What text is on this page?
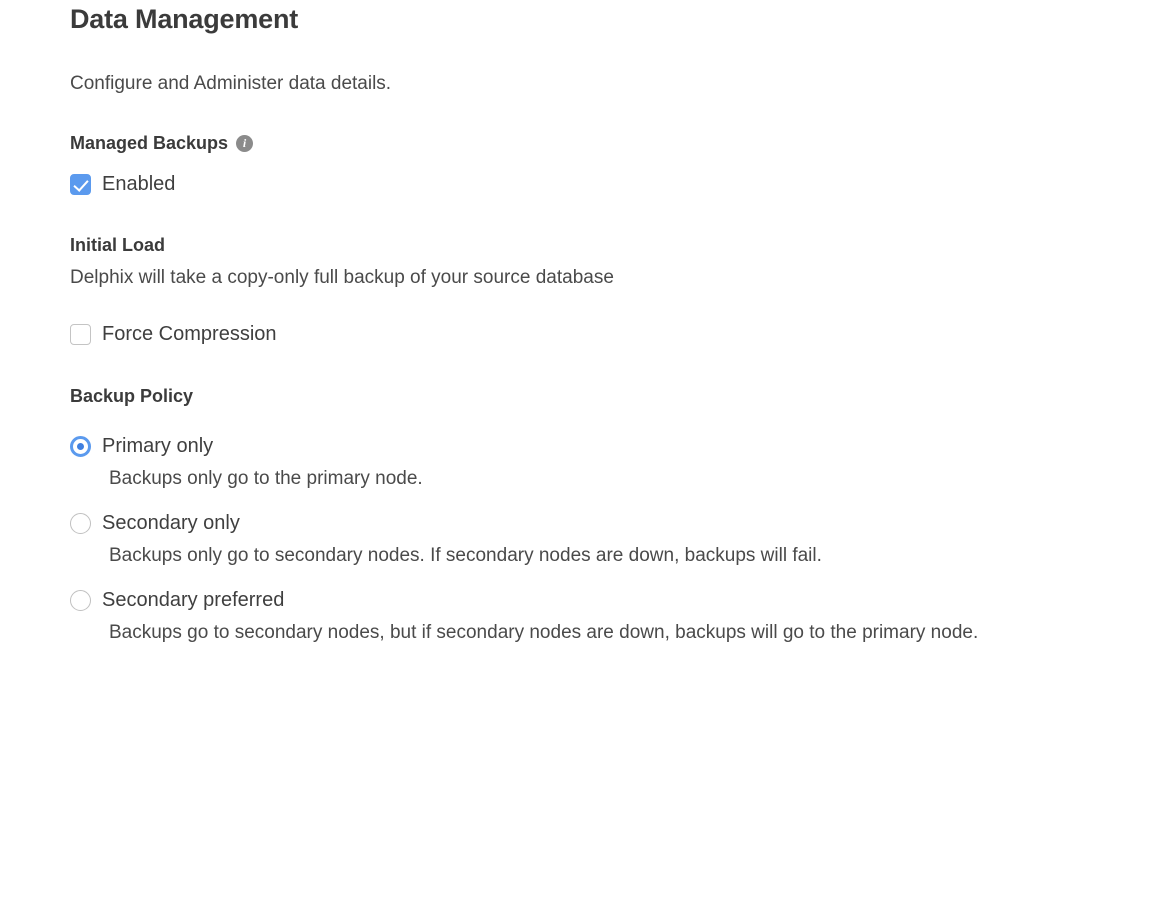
Data Management

Configure and Administer data details.

Managed Backups	i
Enabled
Initial Load

Delphix will take a copy-only full backup of your source database

Force Compression
Backup Policy
Primary only

Backups only go to the primary node.

Secondary only

Backups only go to secondary nodes. If secondary nodes are down, backups will fail.

Secondary preferred

Backups go to secondary nodes, but if secondary nodes are down, backups will go to the primary node.
